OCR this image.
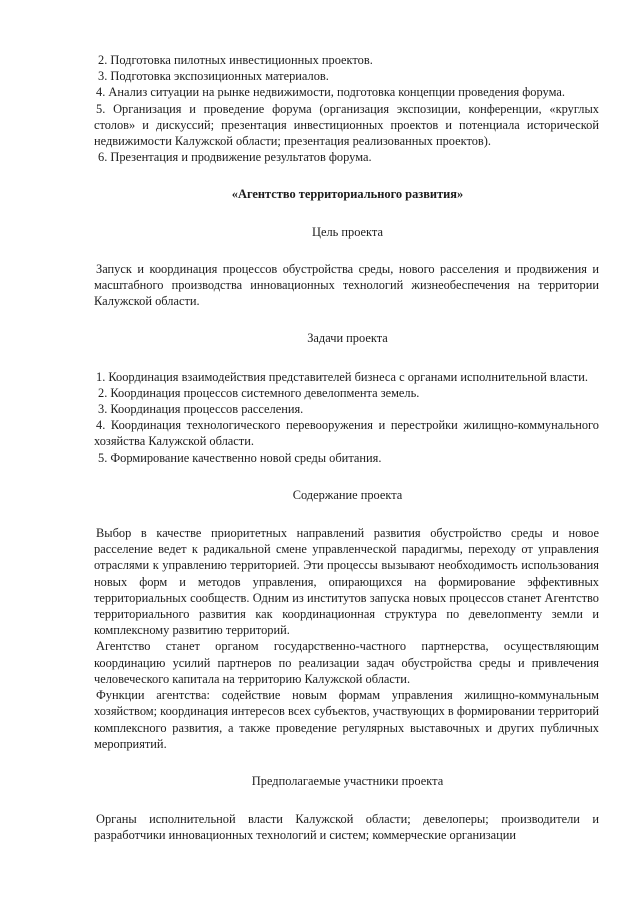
2. Подготовка пилотных инвестиционных проектов.

3. Подготовка экспозиционных материалов.

4. Анализ ситуации на рынке недвижимости, подготовка концепции проведения форума.

5. Организация и проведение форума (организация экспозиции, конференции, «круглых столов» и дискуссий; презентация инвестиционных проектов и потенциала исторической недвижимости Калужской области; презентация реализованных проектов).

6. Презентация и продвижение результатов форума.

«Агентство территориального развития»

Цель проекта

Запуск и координация процессов обустройства среды, нового расселения и продвижения и масштабного производства инновационных технологий жизнеобеспечения на территории Калужской области.

Задачи проекта

1. Координация взаимодействия представителей бизнеса с органами исполнительной власти.

2. Координация процессов системного девелопмента земель.

3. Координация процессов расселения.

4. Координация технологического перевооружения и перестройки жилищно-коммунального хозяйства Калужской области.

5. Формирование качественно новой среды обитания.

Содержание проекта

Выбор в качестве приоритетных направлений развития обустройство среды и новое расселение ведет к радикальной смене управленческой парадигмы, переходу от управления отраслями к управлению территорией. Эти процессы вызывают необходимость использования новых форм и методов управления, опирающихся на формирование эффективных территориальных сообществ. Одним из институтов запуска новых процессов станет Агентство территориального развития как координационная структура по девелопменту земли и комплексному развитию территорий.

Агентство станет органом государственно-частного партнерства, осуществляющим координацию усилий партнеров по реализации задач обустройства среды и привлечения человеческого капитала на территорию Калужской области.

Функции агентства: содействие новым формам управления жилищно-коммунальным хозяйством; координация интересов всех субъектов, участвующих в формировании территорий комплексного развития, а также проведение регулярных выставочных и других публичных мероприятий.

Предполагаемые участники проекта

Органы исполнительной власти Калужской области; девелоперы; производители и разработчики инновационных технологий и систем; коммерческие организации
